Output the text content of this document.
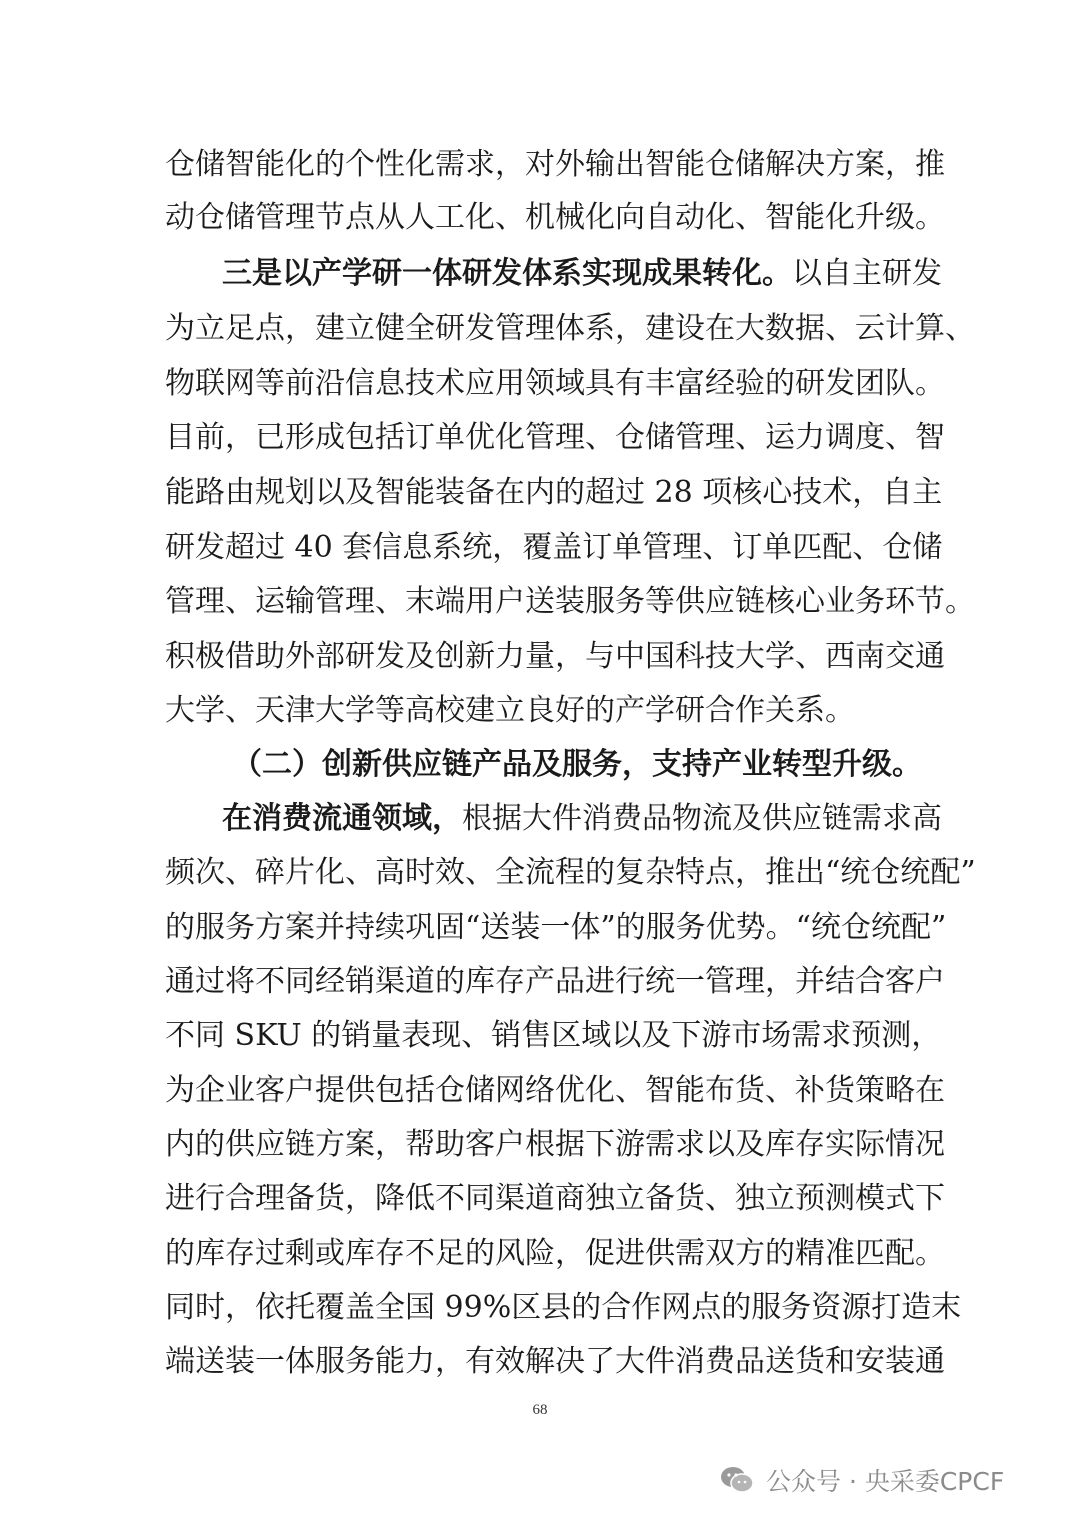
仓储智能化的个性化需求，对外输出智能仓储解决方案，推
动仓储管理节点从人工化、机械化向自动化、智能化升级。
三是以产学研一体研发体系实现成果转化。以自主研发
为立足点，建立健全研发管理体系，建设在大数据、云计算、
物联网等前沿信息技术应用领域具有丰富经验的研发团队。
目前，已形成包括订单优化管理、仓储管理、运力调度、智
能路由规划以及智能装备在内的超过 28 项核心技术，自主
研发超过 40 套信息系统，覆盖订单管理、订单匹配、仓储
管理、运输管理、末端用户送装服务等供应链核心业务环节。
积极借助外部研发及创新力量，与中国科技大学、西南交通
大学、天津大学等高校建立良好的产学研合作关系。
（二）创新供应链产品及服务，支持产业转型升级。
在消费流通领域，根据大件消费品物流及供应链需求高
频次、碎片化、高时效、全流程的复杂特点，推出“统仓统配”
的服务方案并持续巩固“送装一体”的服务优势。“统仓统配”
通过将不同经销渠道的库存产品进行统一管理，并结合客户
不同 SKU 的销量表现、销售区域以及下游市场需求预测，
为企业客户提供包括仓储网络优化、智能布货、补货策略在
内的供应链方案，帮助客户根据下游需求以及库存实际情况
进行合理备货，降低不同渠道商独立备货、独立预测模式下
的库存过剩或库存不足的风险，促进供需双方的精准匹配。
同时，依托覆盖全国 99%区县的合作网点的服务资源打造末
端送装一体服务能力，有效解决了大件消费品送货和安装通
68
公众号 · 央采委CPCF
